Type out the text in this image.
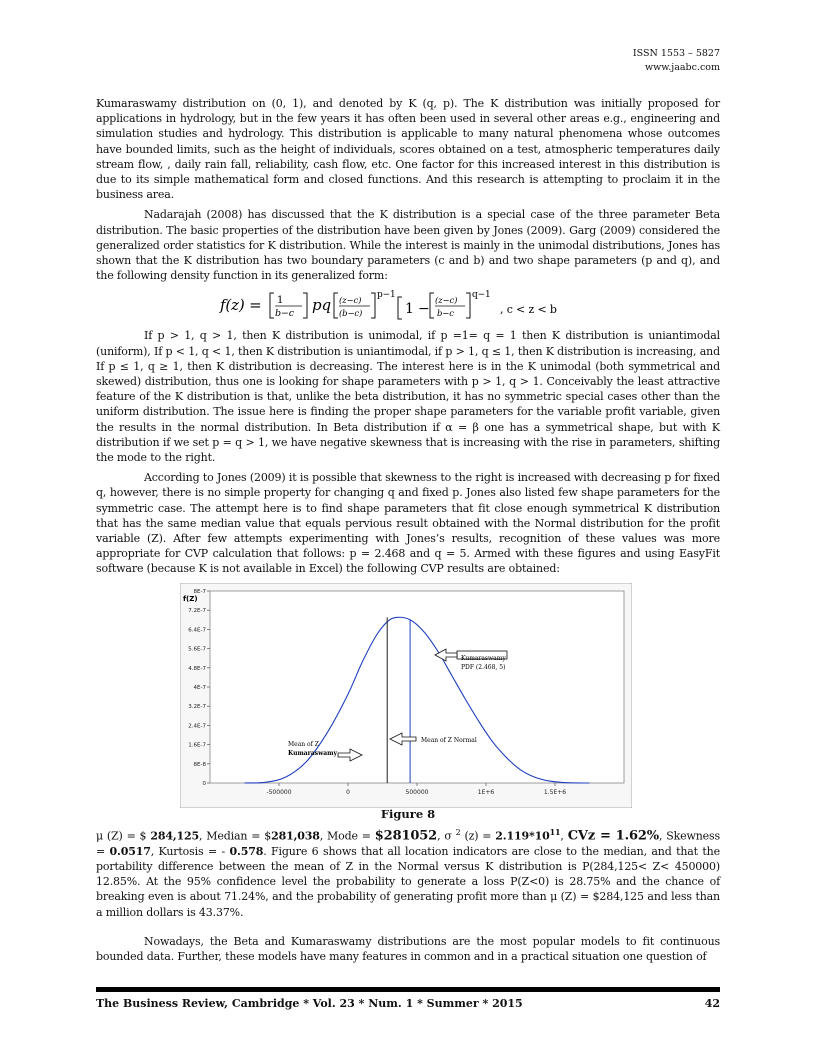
ISSN 1553 – 5827
www.jaabc.com

Kumaraswamy distribution on (0, 1), and denoted by K (q, p). The K distribution was initially proposed for applications in hydrology, but in the few years it has often been used in several other areas e.g., engineering and simulation studies and hydrology. This distribution is applicable to many natural phenomena whose outcomes have bounded limits, such as the height of individuals, scores obtained on a test, atmospheric temperatures daily stream flow, , daily rain fall, reliability, cash flow, etc. One factor for this increased interest in this distribution is due to its simple mathematical form and closed functions. And this research is attempting to proclaim it in the business area.

Nadarajah (2008) has discussed that the K distribution is a special case of the three parameter Beta distribution. The basic properties of the distribution have been given by Jones (2009). Garg (2009) considered the generalized order statistics for K distribution. While the interest is mainly in the unimodal distributions, Jones has shown that the K distribution has two boundary parameters (c and b) and two shape parameters (p and q), and the following density function in its generalized form:

f(z) = 1
b−c pq (z−c)
(b−c)
p−1
1 − (z−c)
b−c
q−1
, c < z < b

If p > 1, q > 1, then K distribution is unimodal, if p =1= q = 1 then K distribution is uniantimodal (uniform), If p < 1, q < 1, then K distribution is uniantimodal, if p > 1, q ≤ 1, then K distribution is increasing, and If p ≤ 1, q ≥ 1, then K distribution is decreasing. The interest here is in the K unimodal (both symmetrical and skewed) distribution, thus one is looking for shape parameters with p > 1, q > 1. Conceivably the least attractive feature of the K distribution is that, unlike the beta distribution, it has no symmetric special cases other than the uniform distribution. The issue here is finding the proper shape parameters for the variable profit variable, given the results in the normal distribution. In Beta distribution if α = β one has a symmetrical shape, but with K distribution if we set p = q > 1, we have negative skewness that is increasing with the rise in parameters, shifting the mode to the right.

According to Jones (2009) it is possible that skewness to the right is increased with decreasing p for fixed q, however, there is no simple property for changing q and fixed p. Jones also listed few shape parameters for the symmetric case. The attempt here is to find shape parameters that fit close enough symmetrical K distribution that has the same median value that equals pervious result obtained with the Normal distribution for the profit variable (Z). After few attempts experimenting with Jones’s results, recognition of these values was more appropriate for CVP calculation that follows: p = 2.468 and q = 5. Armed with these figures and using EasyFit software (because K is not available in Excel) the following CVP results are obtained:

-500000	0	500000	1E+6	1.5E+6
0
8E-8
1.6E-7
2.4E-7
3.2E-7
4E-7
4.8E-7
5.6E-7
6.4E-7
7.2E-7
8E-7
f(Z)
Kumaraswamy
PDF (2.468, 5)
Mean of Z Normal
Mean of Z
Kumaraswamy
Figure 8

μ (Z) = $ 284,125, Median = $281,038, Mode = $281052, σ $^2$ $(z) = 2.119*10^{11}$, CVz = 1.62%, Skewness = 0.0517, Kurtosis = - 0.578. Figure 6 shows that all location indicators are close to the median, and that the portability difference between the mean of Z in the Normal versus K distribution is P(284,125< Z< 450000) 12.85%. At the 95% confidence level the probability to generate a loss P(Z<0) is 28.75% and the chance of breaking even is about 71.24%, and the probability of generating profit more than μ (Z) = $284,125 and less than a million dollars is 43.37%.

Nowadays, the Beta and Kumaraswamy distributions are the most popular models to fit continuous bounded data. Further, these models have many features in common and in a practical situation one question of

The Business Review, Cambridge * Vol. 23 * Num. 1 * Summer * 2015	42
